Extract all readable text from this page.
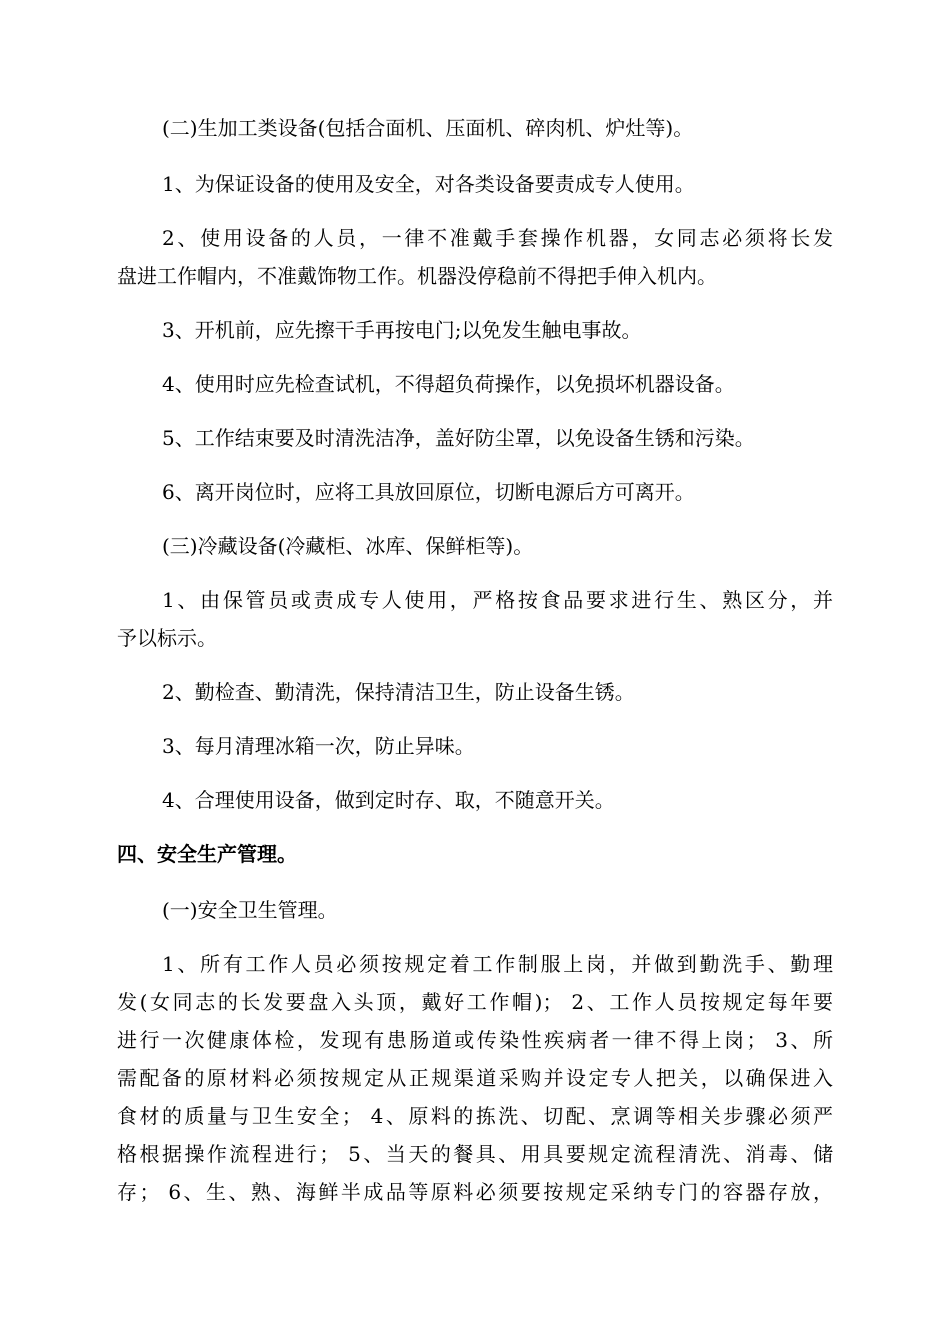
(二)生加工类设备(包括合面机、压面机、碎肉机、炉灶等)。
1、为保证设备的使用及安全，对各类设备要责成专人使用。
2、使用设备的人员，一律不准戴手套操作机器，女同志必须将长发
盘进工作帽内，不准戴饰物工作。机器没停稳前不得把手伸入机内。
3、开机前，应先擦干手再按电门;以免发生触电事故。
4、使用时应先检查试机，不得超负荷操作，以免损坏机器设备。
5、工作结束要及时清洗洁净，盖好防尘罩，以免设备生锈和污染。
6、离开岗位时，应将工具放回原位，切断电源后方可离开。
(三)冷藏设备(冷藏柜、冰库、保鲜柜等)。
1、由保管员或责成专人使用，严格按食品要求进行生、熟区分，并
予以标示。
2、勤检查、勤清洗，保持清洁卫生，防止设备生锈。
3、每月清理冰箱一次，防止异味。
4、合理使用设备，做到定时存、取，不随意开关。
四、安全生产管理。
(一)安全卫生管理。
1、所有工作人员必须按规定着工作制服上岗，并做到勤洗手、勤理
发(女同志的长发要盘入头顶，戴好工作帽)； 2、工作人员按规定每年要
进行一次健康体检，发现有患肠道或传染性疾病者一律不得上岗； 3、所
需配备的原材料必须按规定从正规渠道采购并设定专人把关，以确保进入
食材的质量与卫生安全； 4、原料的拣洗、切配、烹调等相关步骤必须严
格根据操作流程进行； 5、当天的餐具、用具要规定流程清洗、消毒、储
存； 6、生、熟、海鲜半成品等原料必须要按规定采纳专门的容器存放，
